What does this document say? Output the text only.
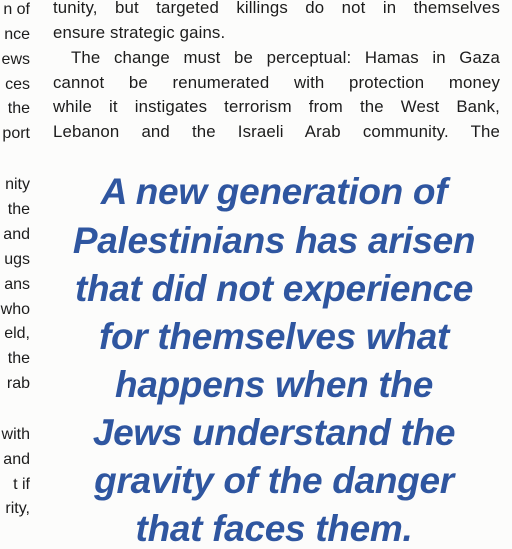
n of
nce
ews
ces
the
port
nity
the
and
ugs
ans
who
eld,
the
rab
with
and
t if
rity,
tunity, but targeted killings do not in themselves
ensure strategic gains.
The change must be perceptual: Hamas in Gaza
cannot be renumerated with protection money
while it instigates terrorism from the West Bank,
Lebanon and the Israeli Arab community. The
A new generation of
Palestinians has arisen
that did not experience
for themselves what
happens when the
Jews understand the
gravity of the danger
that faces them.
